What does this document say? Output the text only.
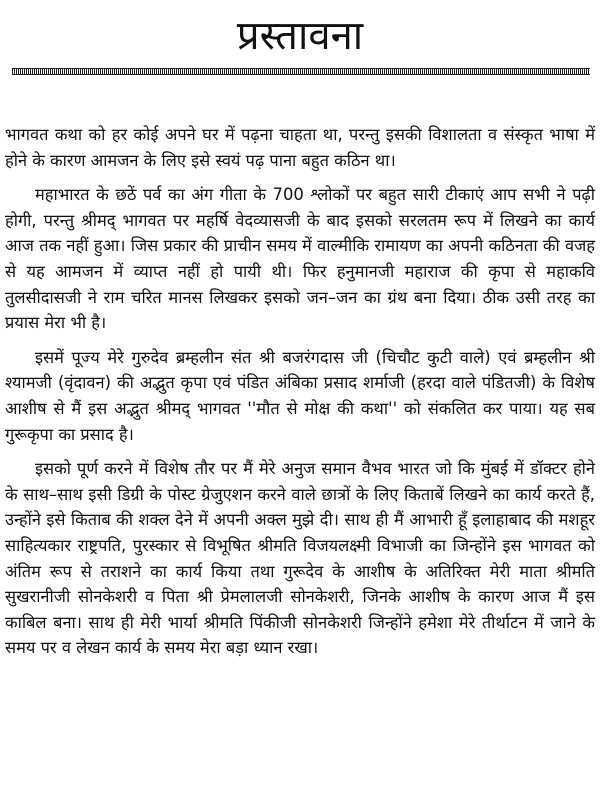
प्रस्तावना

भागवत कथा को हर कोई अपने घर में पढ़ना चाहता था, परन्तु इसकी विशालता व संस्कृत भाषा में होने के कारण आमजन के लिए इसे स्वयं पढ़ पाना बहुत कठिन था।

महाभारत के छठें पर्व का अंग गीता के 700 श्लोकों पर बहुत सारी टीकाएं आप सभी ने पढ़ी होगी, परन्तु श्रीमद् भागवत पर महर्षि वेदव्यासजी के बाद इसको सरलतम रूप में लिखने का कार्य आज तक नहीं हुआ। जिस प्रकार की प्राचीन समय में वाल्मीकि रामायण का अपनी कठिनता की वजह से यह आमजन में व्याप्त नहीं हो पायी थी। फिर हनुमानजी महाराज की कृपा से महाकवि तुलसीदासजी ने राम चरित मानस लिखकर इसको जन–जन का ग्रंथ बना दिया। ठीक उसी तरह का प्रयास मेरा भी है।

इसमें पूज्य मेरे गुरुदेव ब्रम्हलीन संत श्री बजरंगदास जी (चिचौट कुटी वाले) एवं ब्रम्हलीन श्री श्यामजी (वृंदावन) की अद्भुत कृपा एवं पंडित अंबिका प्रसाद शर्माजी (हरदा वाले पंडितजी) के विशेष आशीष से मैं इस अद्भुत श्रीमद् भागवत ''मौत से मोक्ष की कथा'' को संकलित कर पाया। यह सब गुरूकृपा का प्रसाद है।

इसको पूर्ण करने में विशेष तौर पर मैं मेरे अनुज समान वैभव भारत जो कि मुंबई में डॉक्टर होने के साथ–साथ इसी डिग्री के पोस्ट ग्रेजुएशन करने वाले छात्रों के लिए किताबें लिखने का कार्य करते हैं, उन्होंने इसे किताब की शक्ल देने में अपनी अक्ल मुझे दी। साथ ही मैं आभारी हूँ इलाहाबाद की मशहूर साहित्यकार राष्ट्रपति, पुरस्कार से विभूषित श्रीमति विजयलक्ष्मी विभाजी का जिन्होंने इस भागवत को अंतिम रूप से तराशने का कार्य किया तथा गुरूदेव के आशीष के अतिरिक्त मेरी माता श्रीमति सुखरानीजी सोनकेशरी व पिता श्री प्रेमलालजी सोनकेशरी, जिनके आशीष के कारण आज मैं इस काबिल बना। साथ ही मेरी भार्या श्रीमति पिंकीजी सोनकेशरी जिन्होंने हमेशा मेरे तीर्थाटन में जाने के समय पर व लेखन कार्य के समय मेरा बड़ा ध्यान रखा।
